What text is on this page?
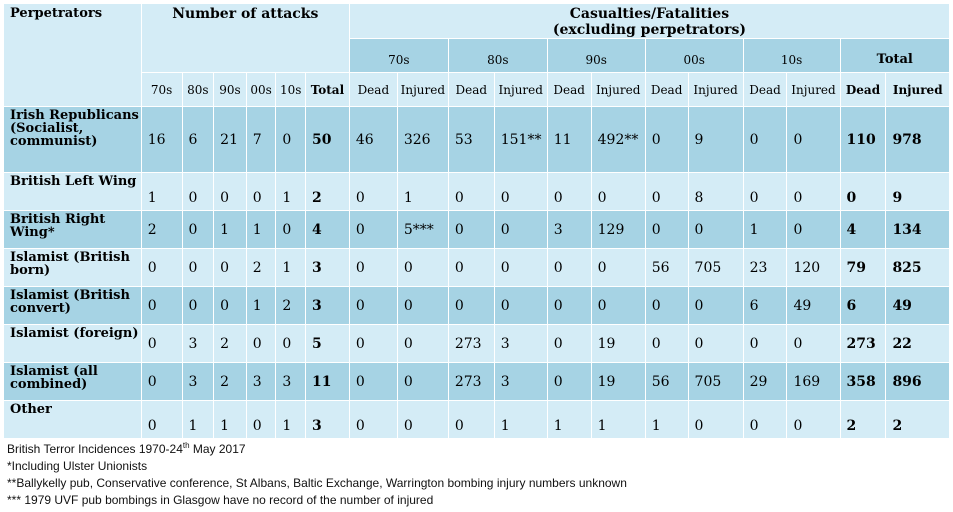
Perpetrators	Number of attacks						Casualties/Fatalities
(excluding perpetrators)											

							70s		80s		90s		00s		10s		Total	
	70s	80s	90s	00s	10s	Total	Dead	Injured	Dead	Injured	Dead	Injured	Dead	Injured	Dead	Injured	Dead	Injured
Irish Republicans (Socialist, communist)	16	6	21	7	0	50	46	326	53	151**	11	492**	0	9	0	0	110	978
British Left Wing	1	0	0	0	1	2	0	1	0	0	0	0	0	8	0	0	0	9
British Right Wing*	2	0	1	1	0	4	0	5***	0	0	3	129	0	0	1	0	4	134
Islamist (British born)	0	0	0	2	1	3	0	0	0	0	0	0	56	705	23	120	79	825
Islamist (British convert)	0	0	0	1	2	3	0	0	0	0	0	0	0	0	6	49	6	49
Islamist (foreign)	0	3	2	0	0	5	0	0	273	3	0	19	0	0	0	0	273	22
Islamist (all combined)	0	3	2	3	3	11	0	0	273	3	0	19	56	705	29	169	358	896
Other	0	1	1	0	1	3	0	0	0	1	1	1	1	0	0	0	2	2
British Terror Incidences 1970-24th May 2017
*Including Ulster Unionists
**Ballykelly pub, Conservative conference, St Albans, Baltic Exchange, Warrington bombing injury numbers unknown
*** 1979 UVF pub bombings in Glasgow have no record of the number of injured
